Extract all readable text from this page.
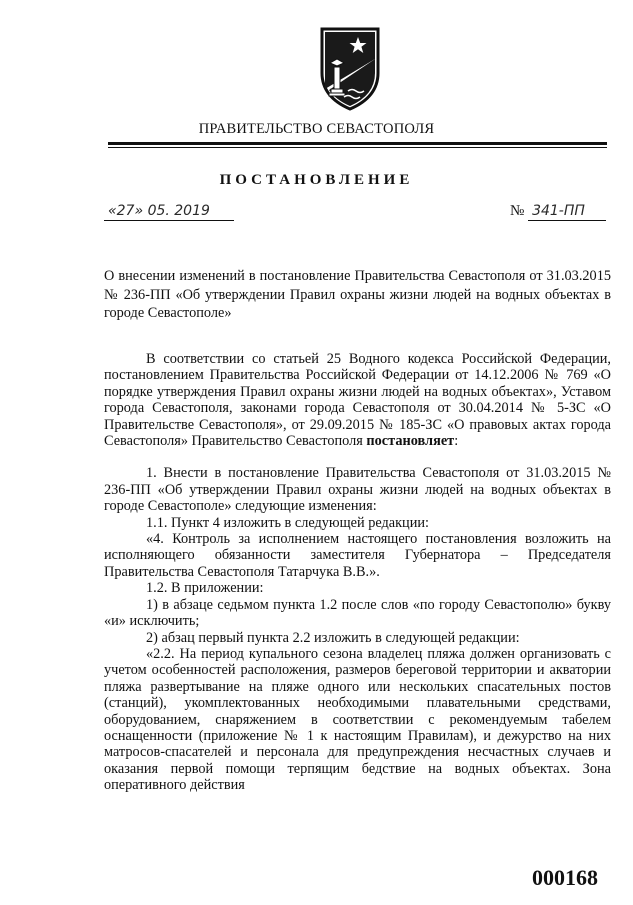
ПРАВИТЕЛЬСТВО СЕВАСТОПОЛЯ
ПОСТАНОВЛЕНИЕ
«27» 05. 2019	№ 341-ПП
О внесении изменений в постановление Правительства Севастополя от 31.03.2015 № 236-ПП «Об утверждении Правил охраны жизни людей на водных объектах в городе Севастополе»

В соответствии со статьей 25 Водного кодекса Российской Федерации, постановлением Правительства Российской Федерации от 14.12.2006 № 769 «О порядке утверждения Правил охраны жизни людей на водных объектах», Уставом города Севастополя, законами города Севастополя от 30.04.2014 № 5-ЗС «О Правительстве Севастополя», от 29.09.2015 № 185-ЗС «О правовых актах города Севастополя» Правительство Севастополя постановляет:

1. Внести в постановление Правительства Севастополя от 31.03.2015 № 236-ПП «Об утверждении Правил охраны жизни людей на водных объектах в городе Севастополе» следующие изменения:

1.1. Пункт 4 изложить в следующей редакции:

«4. Контроль за исполнением настоящего постановления возложить на исполняющего обязанности заместителя Губернатора – Председателя Правительства Севастополя Татарчука В.В.».

1.2. В приложении:

1) в абзаце седьмом пункта 1.2 после слов «по городу Севастополю» букву «и» исключить;

2) абзац первый пункта 2.2 изложить в следующей редакции:

«2.2. На период купального сезона владелец пляжа должен организовать с учетом особенностей расположения, размеров береговой территории и акватории пляжа развертывание на пляже одного или нескольких спасательных постов (станций), укомплектованных необходимыми плавательными средствами, оборудованием, снаряжением в соответствии с рекомендуемым табелем оснащенности (приложение № 1 к настоящим Правилам), и дежурство на них матросов-спасателей и персонала для предупреждения несчастных случаев и оказания первой помощи терпящим бедствие на водных объектах. Зона оперативного действия

000168
